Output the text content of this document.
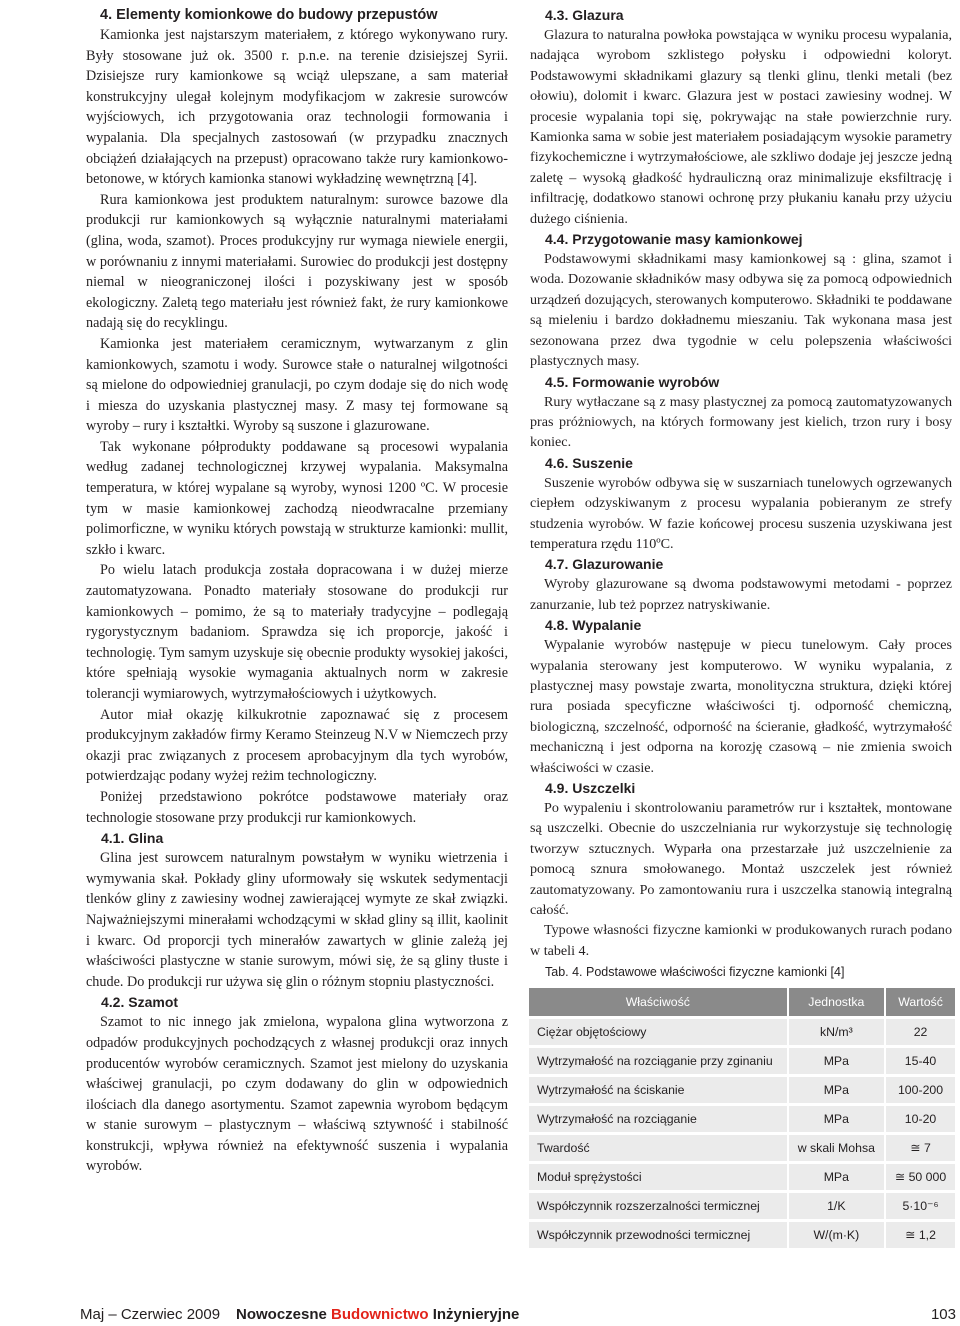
4. Elementy komionkowe do budowy przepustów

Kamionka jest najstarszym materiałem, z którego wykonywano rury. Były stosowane już ok. 3500 r. p.n.e. na terenie dzisiejszej Syrii. Dzisiejsze rury kamionkowe są wciąż ulepszane, a sam materiał konstrukcyjny ulegał kolejnym modyfikacjom w zakresie surowców wyjściowych, ich przygotowania oraz technologii formowania i wypalania. Dla specjalnych zastosowań (w przypadku znacznych obciążeń działających na przepust) opracowano także rury kamionkowo-betonowe, w których kamionka stanowi wykładzinę wewnętrzną [4].

Rura kamionkowa jest produktem naturalnym: surowce bazowe dla produkcji rur kamionkowych są wyłącznie naturalnymi materiałami (glina, woda, szamot). Proces produkcyjny rur wymaga niewiele energii, w porównaniu z innymi materiałami. Surowiec do produkcji jest dostępny niemal w nieograniczonej ilości i pozyskiwany jest w sposób ekologiczny. Zaletą tego materiału jest również fakt, że rury kamionkowe nadają się do recyklingu.

Kamionka jest materiałem ceramicznym, wytwarzanym z glin kamionkowych, szamotu i wody. Surowce stałe o naturalnej wilgotności są mielone do odpowiedniej granulacji, po czym dodaje się do nich wodę i miesza do uzyskania plastycznej masy. Z masy tej formowane są wyroby – rury i kształtki. Wyroby są suszone i glazurowane.

Tak wykonane półprodukty poddawane są procesowi wypalania według zadanej technologicznej krzywej wypalania. Maksymalna temperatura, w której wypalane są wyroby, wynosi 1200 ºC. W procesie tym w masie kamionkowej zachodzą nieodwracalne przemiany polimorficzne, w wyniku których powstają w strukturze kamionki: mullit, szkło i kwarc.

Po wielu latach produkcja została dopracowana i w dużej mierze zautomatyzowana. Ponadto materiały stosowane do produkcji rur kamionkowych – pomimo, że są to materiały tradycyjne – podlegają rygorystycznym badaniom. Sprawdza się ich proporcje, jakość i technologię. Tym samym uzyskuje się obecnie produkty wysokiej jakości, które spełniają wysokie wymagania aktualnych norm w zakresie tolerancji wymiarowych, wytrzymałościowych i użytkowych.

Autor miał okazję kilkukrotnie zapoznawać się z procesem produkcyjnym zakładów firmy Keramo Steinzeug N.V w Niemczech przy okazji prac związanych z procesem aprobacyjnym dla tych wyrobów, potwierdzając podany wyżej reżim technologiczny.

Poniżej przedstawiono pokrótce podstawowe materiały oraz technologie stosowane przy produkcji rur kamionkowych.

4.1. Glina

Glina jest surowcem naturalnym powstałym w wyniku wietrzenia i wymywania skał. Pokłady gliny uformowały się wskutek sedymentacji tlenków gliny z zawiesiny wodnej zawierającej wymyte ze skał związki. Najważniejszymi minerałami wchodzącymi w skład gliny są illit, kaolinit i kwarc. Od proporcji tych minerałów zawartych w glinie zależą jej właściwości plastyczne w stanie surowym, mówi się, że są gliny tłuste i chude. Do produkcji rur używa się glin o różnym stopniu plastyczności.

4.2. Szamot

Szamot to nic innego jak zmielona, wypalona glina wytworzona z odpadów produkcyjnych pochodzących z własnej produkcji oraz innych producentów wyrobów ceramicznych. Szamot jest mielony do uzyskania właściwej granulacji, po czym dodawany do glin w odpowiednich ilościach dla danego asortymentu. Szamot zapewnia wyrobom będącym w stanie surowym – plastycznym – właściwą sztywność i stabilność konstrukcji, wpływa również na efektywność suszenia i wypalania wyrobów.

4.3. Glazura

Glazura to naturalna powłoka powstająca w wyniku procesu wypalania, nadająca wyrobom szklistego połysku i odpowiedni koloryt. Podstawowymi składnikami glazury są tlenki glinu, tlenki metali (bez ołowiu), dolomit i kwarc. Glazura jest w postaci zawiesiny wodnej. W procesie wypalania topi się, pokrywając na stałe powierzchnie rury. Kamionka sama w sobie jest materiałem posiadającym wysokie parametry fizykochemiczne i wytrzymałościowe, ale szkliwo dodaje jej jeszcze jedną zaletę – wysoką gładkość hydrauliczną oraz minimalizuje eksfiltrację i infiltrację, dodatkowo stanowi ochronę przy płukaniu kanału przy użyciu dużego ciśnienia.

4.4. Przygotowanie masy kamionkowej

Podstawowymi składnikami masy kamionkowej są : glina, szamot i woda. Dozowanie składników masy odbywa się za pomocą odpowiednich urządzeń dozujących, sterowanych komputerowo. Składniki te poddawane są mieleniu i bardzo dokładnemu mieszaniu. Tak wykonana masa jest sezonowana przez dwa tygodnie w celu polepszenia właściwości plastycznych masy.

4.5. Formowanie wyrobów

Rury wytłaczane są z masy plastycznej za pomocą zautomatyzowanych pras próżniowych, na których formowany jest kielich, trzon rury i bosy koniec.

4.6. Suszenie

Suszenie wyrobów odbywa się w suszarniach tunelowych ogrzewanych ciepłem odzyskiwanym z procesu wypalania pobieranym ze strefy studzenia wyrobów. W fazie końcowej procesu suszenia uzyskiwana jest temperatura rzędu 110ºC.

4.7. Glazurowanie

Wyroby glazurowane są dwoma podstawowymi metodami - poprzez zanurzanie, lub też poprzez natryskiwanie.

4.8. Wypalanie

Wypalanie wyrobów następuje w piecu tunelowym. Cały proces wypalania sterowany jest komputerowo. W wyniku wypalania, z plastycznej masy powstaje zwarta, monolityczna struktura, dzięki której rura posiada specyficzne właściwości tj. odporność chemiczną, biologiczną, szczelność, odporność na ścieranie, gładkość, wytrzymałość mechaniczną i jest odporna na korozję czasową – nie zmienia swoich właściwości w czasie.

4.9. Uszczelki

Po wypaleniu i skontrolowaniu parametrów rur i kształtek, montowane są uszczelki. Obecnie do uszczelniania rur wykorzystuje się technologię tworzyw sztucznych. Wyparła ona przestarzałe już uszczelnienie za pomocą sznura smołowanego. Montaż uszczelek jest również zautomatyzowany. Po zamontowaniu rura i uszczelka stanowią integralną całość.

Typowe własności fizyczne kamionki w produkowanych rurach podano w tabeli 4.

Tab. 4. Podstawowe właściwości fizyczne kamionki [4]
Właściwość	Jednostka	Wartość
Ciężar objętościowy	kN/m³	22
Wytrzymałość na rozciąganie przy zginaniu	MPa	15-40
Wytrzymałość na ściskanie	MPa	100-200
Wytrzymałość na rozciąganie	MPa	10-20
Twardość	w skali Mohsa	≅ 7
Moduł sprężystości	MPa	≅ 50 000
Współczynnik rozszerzalności termicznej	1/K	5·10⁻⁶
Współczynnik przewodności termicznej	W/(m·K)	≅ 1,2
Maj – Czerwiec 2009 Nowoczesne Budownictwo Inżynieryjne	103
